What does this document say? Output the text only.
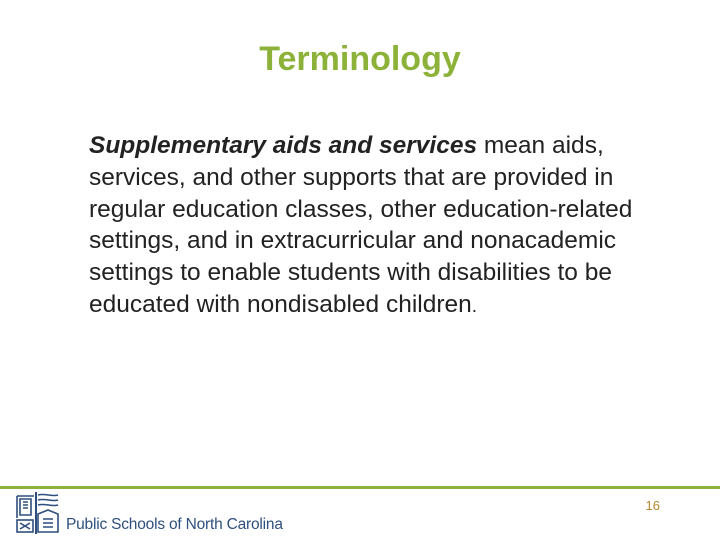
Terminology
Supplementary aids and services mean aids, services, and other supports that are provided in regular education classes, other education-related settings, and in extracurricular and nonacademic settings to enable students with disabilities to be educated with nondisabled children.
16
Public Schools of North Carolina
